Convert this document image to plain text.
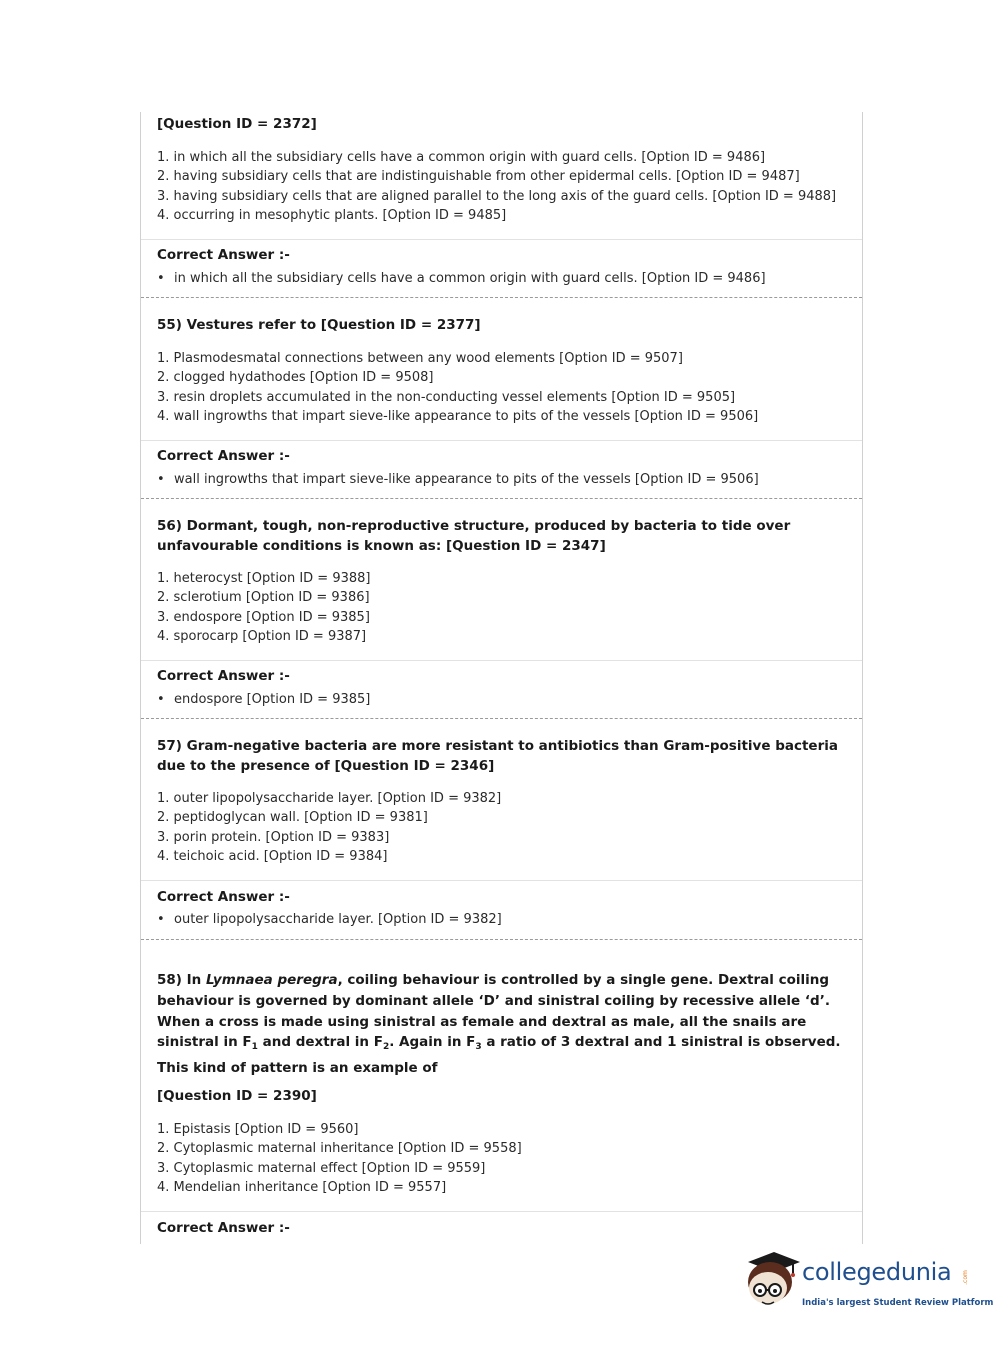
[Question ID = 2372]
1. in which all the subsidiary cells have a common origin with guard cells. [Option ID = 9486]
2. having subsidiary cells that are indistinguishable from other epidermal cells. [Option ID = 9487]
3. having subsidiary cells that are aligned parallel to the long axis of the guard cells. [Option ID = 9488]
4. occurring in mesophytic plants. [Option ID = 9485]
Correct Answer :-
• in which all the subsidiary cells have a common origin with guard cells. [Option ID = 9486]
55) Vestures refer to [Question ID = 2377]
1. Plasmodesmatal connections between any wood elements [Option ID = 9507]
2. clogged hydathodes [Option ID = 9508]
3. resin droplets accumulated in the non-conducting vessel elements [Option ID = 9505]
4. wall ingrowths that impart sieve-like appearance to pits of the vessels [Option ID = 9506]
Correct Answer :-
• wall ingrowths that impart sieve-like appearance to pits of the vessels [Option ID = 9506]
56) Dormant, tough, non-reproductive structure, produced by bacteria to tide over unfavourable conditions is known as: [Question ID = 2347]
1. heterocyst [Option ID = 9388]
2. sclerotium [Option ID = 9386]
3. endospore [Option ID = 9385]
4. sporocarp [Option ID = 9387]
Correct Answer :-
• endospore [Option ID = 9385]
57) Gram-negative bacteria are more resistant to antibiotics than Gram-positive bacteria due to the presence of [Question ID = 2346]
1. outer lipopolysaccharide layer. [Option ID = 9382]
2. peptidoglycan wall. [Option ID = 9381]
3. porin protein. [Option ID = 9383]
4. teichoic acid. [Option ID = 9384]
Correct Answer :-
• outer lipopolysaccharide layer. [Option ID = 9382]
58) In Lymnaea peregra, coiling behaviour is controlled by a single gene. Dextral coiling behaviour is governed by dominant allele ‘D’ and sinistral coiling by recessive allele ‘d’. When a cross is made using sinistral as female and dextral as male, all the snails are sinistral in $F_1$ and dextral in $F_2$. Again in $F_3$ a ratio of 3 dextral and 1 sinistral is observed. This kind of pattern is an example of
[Question ID = 2390]
1. Epistasis [Option ID = 9560]
2. Cytoplasmic maternal inheritance [Option ID = 9558]
3. Cytoplasmic maternal effect [Option ID = 9559]
4. Mendelian inheritance [Option ID = 9557]
Correct Answer :-
collegedunia .com
India's largest Student Review Platform
